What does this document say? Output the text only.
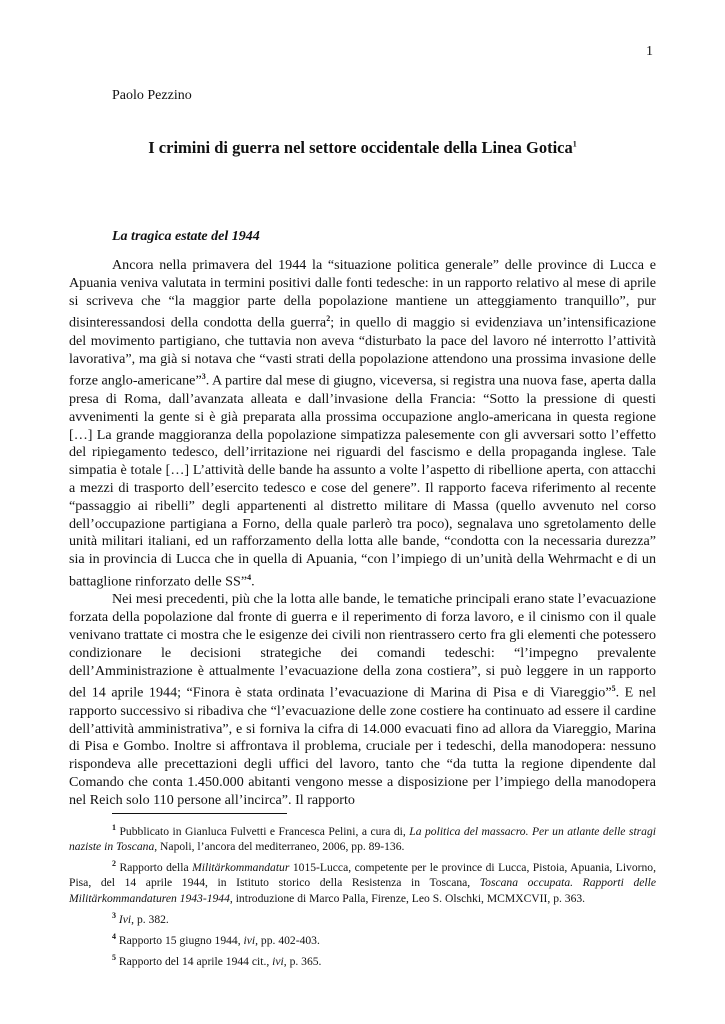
1
Paolo Pezzino
I crimini di guerra nel settore occidentale della Linea Gotica$^1$
La tragica estate del 1944

Ancora nella primavera del 1944 la “situazione politica generale” delle province di Lucca e Apuania veniva valutata in termini positivi dalle fonti tedesche: in un rapporto relativo al mese di aprile si scriveva che “la maggior parte della popolazione mantiene un atteggiamento tranquillo”, pur disinteressandosi della condotta della guerra$^2$; in quello di maggio si evidenziava un’intensificazione del movimento partigiano, che tuttavia non aveva “disturbato la pace del lavoro né interrotto l’attività lavorativa”, ma già si notava che “vasti strati della popolazione attendono una prossima invasione delle forze anglo-americane”$^3$. A partire dal mese di giugno, viceversa, si registra una nuova fase, aperta dalla presa di Roma, dall’avanzata alleata e dall’invasione della Francia: “Sotto la pressione di questi avvenimenti la gente si è già preparata alla prossima occupazione anglo-americana in questa regione […] La grande maggioranza della popolazione simpatizza palesemente con gli avversari sotto l’effetto del ripiegamento tedesco, dell’irritazione nei riguardi del fascismo e della propaganda inglese. Tale simpatia è totale […] L’attività delle bande ha assunto a volte l’aspetto di ribellione aperta, con attacchi a mezzi di trasporto dell’esercito tedesco e cose del genere”. Il rapporto faceva riferimento al recente “passaggio ai ribelli” degli appartenenti al distretto militare di Massa (quello avvenuto nel corso dell’occupazione partigiana a Forno, della quale parlerò tra poco), segnalava uno sgretolamento delle unità militari italiani, ed un rafforzamento della lotta alle bande, “condotta con la necessaria durezza” sia in provincia di Lucca che in quella di Apuania, “con l’impiego di un’unità della Wehrmacht e di un battaglione rinforzato delle SS”$^4$.

Nei mesi precedenti, più che la lotta alle bande, le tematiche principali erano state l’evacuazione forzata della popolazione dal fronte di guerra e il reperimento di forza lavoro, e il cinismo con il quale venivano trattate ci mostra che le esigenze dei civili non rientrassero certo fra gli elementi che potessero condizionare le decisioni strategiche dei comandi tedeschi: “l’impegno prevalente dell’Amministrazione è attualmente l’evacuazione della zona costiera”, si può leggere in un rapporto del 14 aprile 1944; “Finora è stata ordinata l’evacuazione di Marina di Pisa e di Viareggio”$^5$. E nel rapporto successivo si ribadiva che “l’evacuazione delle zone costiere ha continuato ad essere il cardine dell’attività amministrativa”, e si forniva la cifra di 14.000 evacuati fino ad allora da Viareggio, Marina di Pisa e Gombo. Inoltre si affrontava il problema, cruciale per i tedeschi, della manodopera: nessuno rispondeva alle precettazioni degli uffici del lavoro, tanto che “da tutta la regione dipendente dal Comando che conta 1.450.000 abitanti vengono messe a disposizione per l’impiego della manodopera nel Reich solo 110 persone all’incirca”. Il rapporto

$^1$ Pubblicato in Gianluca Fulvetti e Francesca Pelini, a cura di, La politica del massacro. Per un atlante delle stragi naziste in Toscana, Napoli, l’ancora del mediterraneo, 2006, pp. 89-136.
$^2$ Rapporto della Militärkommandatur 1015-Lucca, competente per le province di Lucca, Pistoia, Apuania, Livorno, Pisa, del 14 aprile 1944, in Istituto storico della Resistenza in Toscana, Toscana occupata. Rapporti delle Militärkommandaturen 1943-1944, introduzione di Marco Palla, Firenze, Leo S. Olschki, MCMXCVII, p. 363.
$^3$ Ivi, p. 382.
$^4$ Rapporto 15 giugno 1944, ivi, pp. 402-403.
$^5$ Rapporto del 14 aprile 1944 cit., ivi, p. 365.
